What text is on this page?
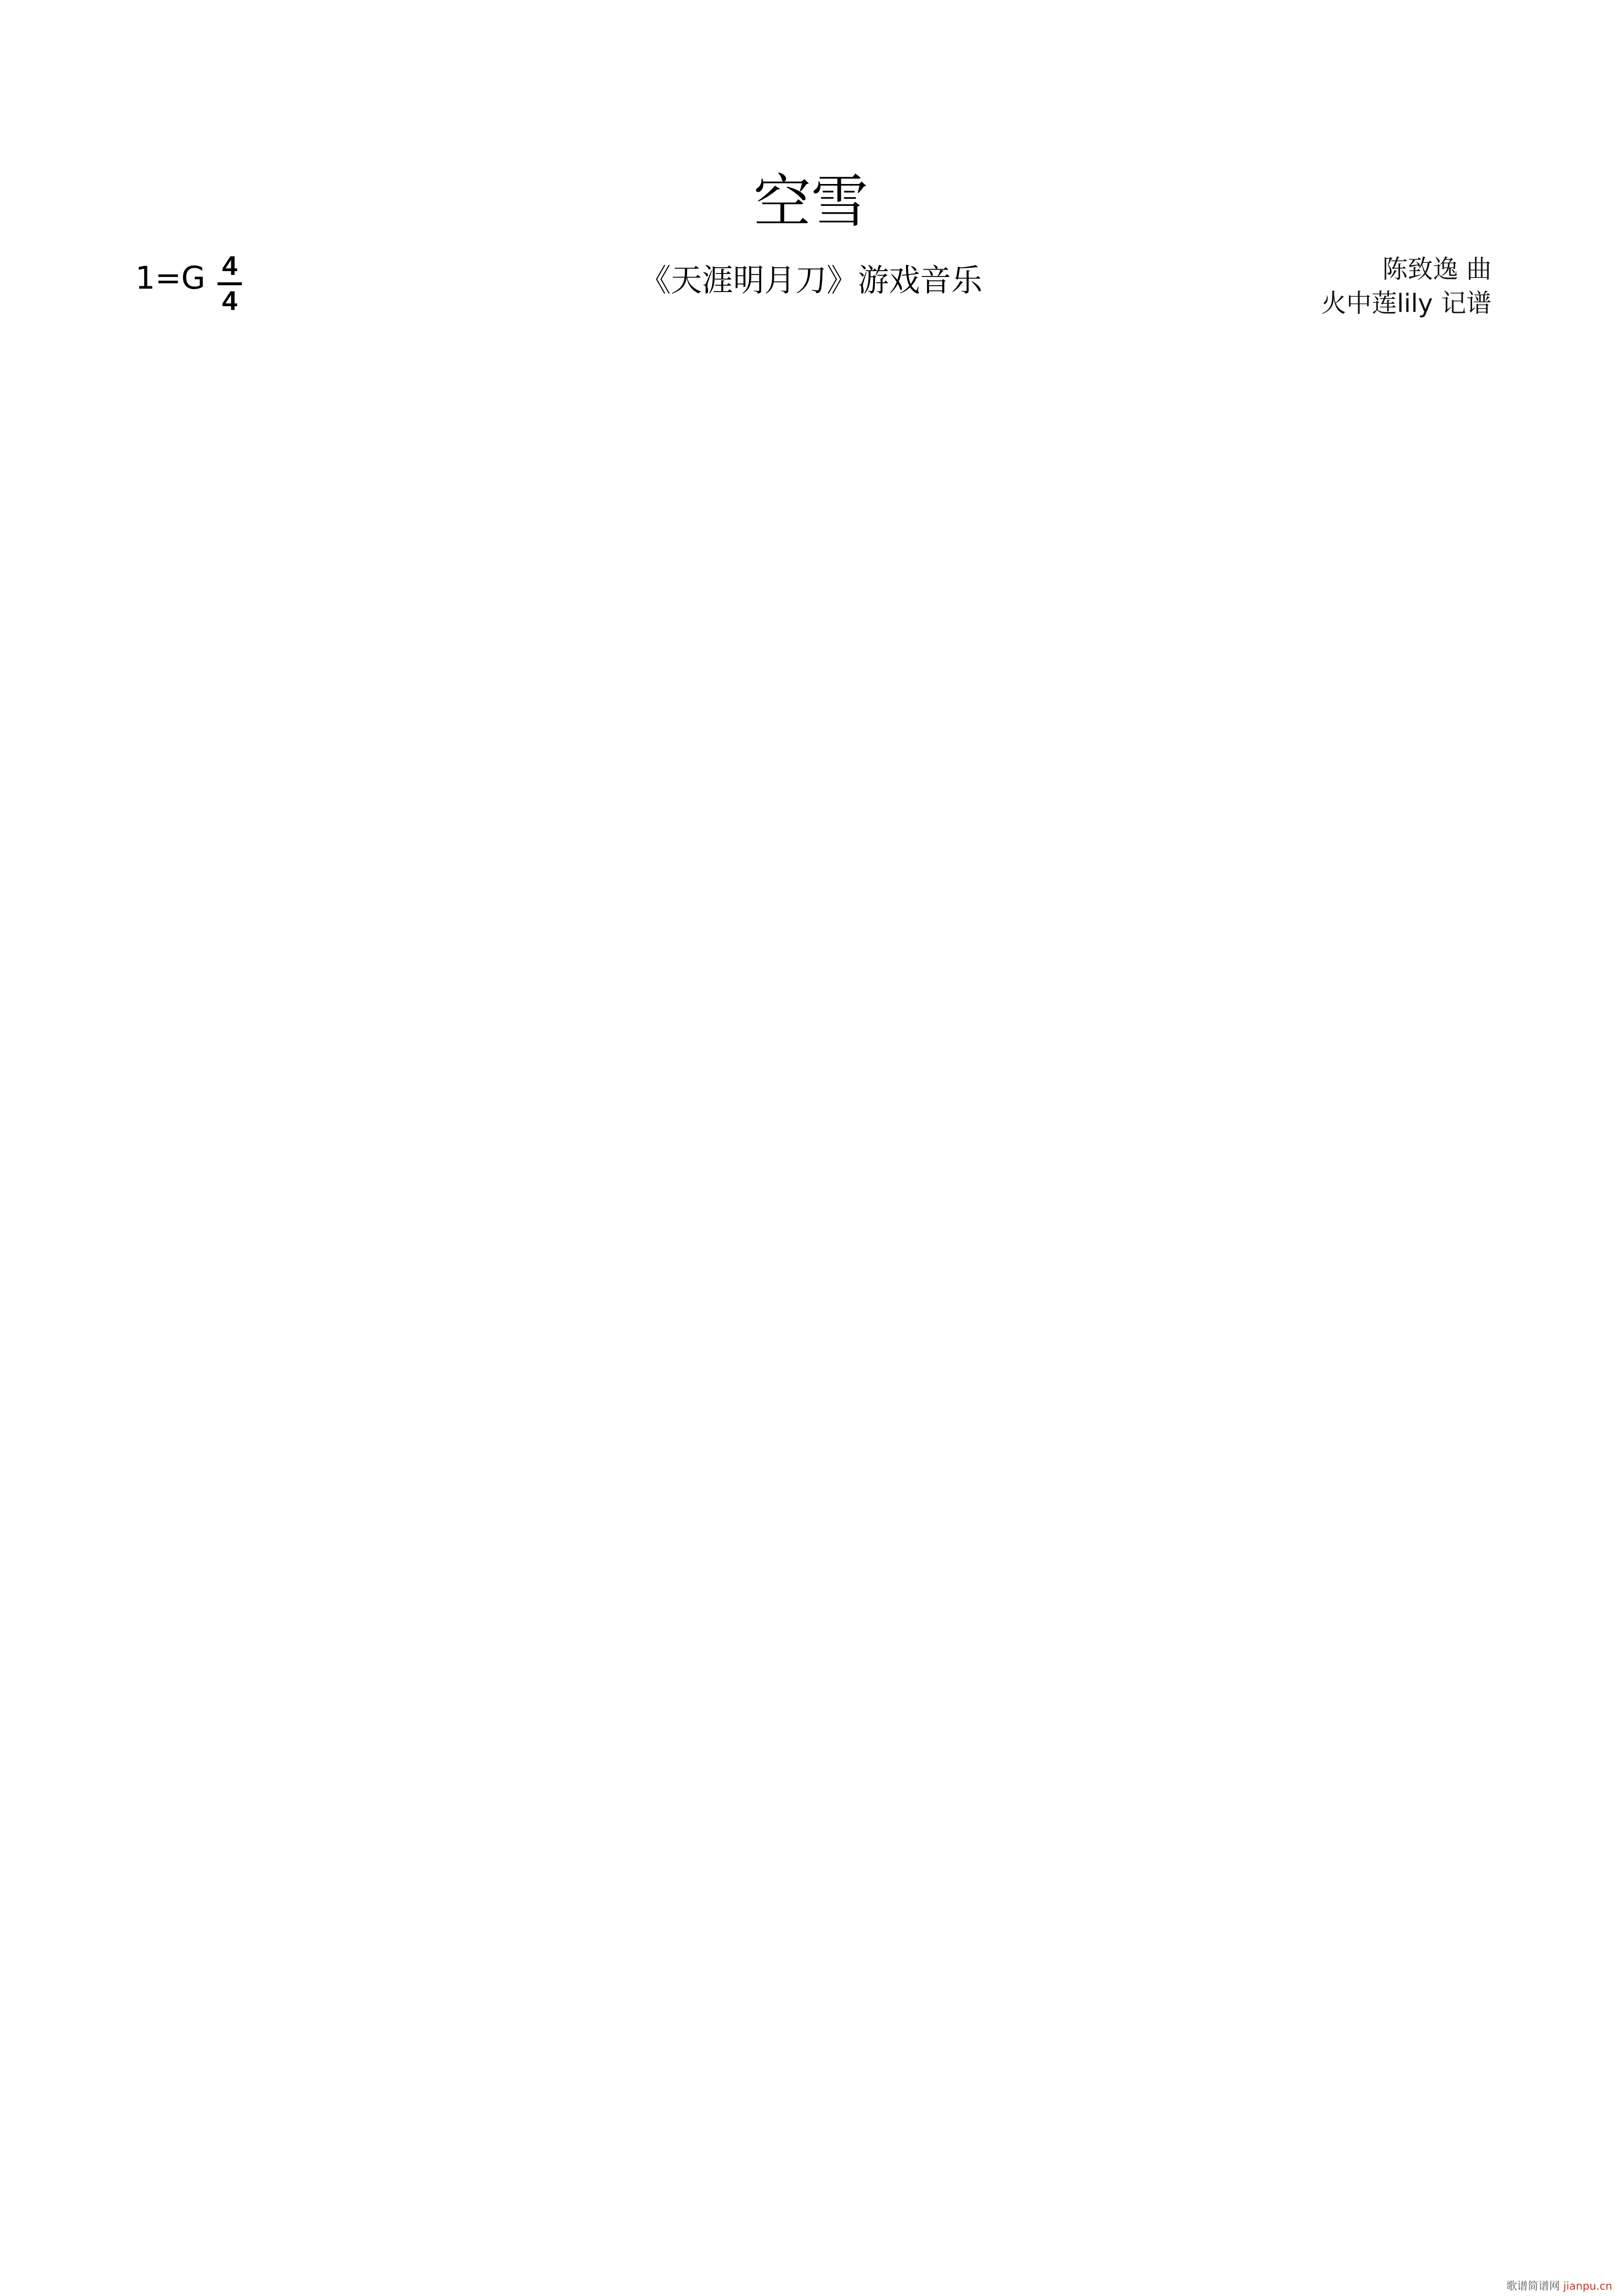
空雪
《天涯明月刀》游戏音乐
1=G 4
4
陈致逸 曲
火中莲lily 记谱
歌谱简谱网 jianpu.cn
